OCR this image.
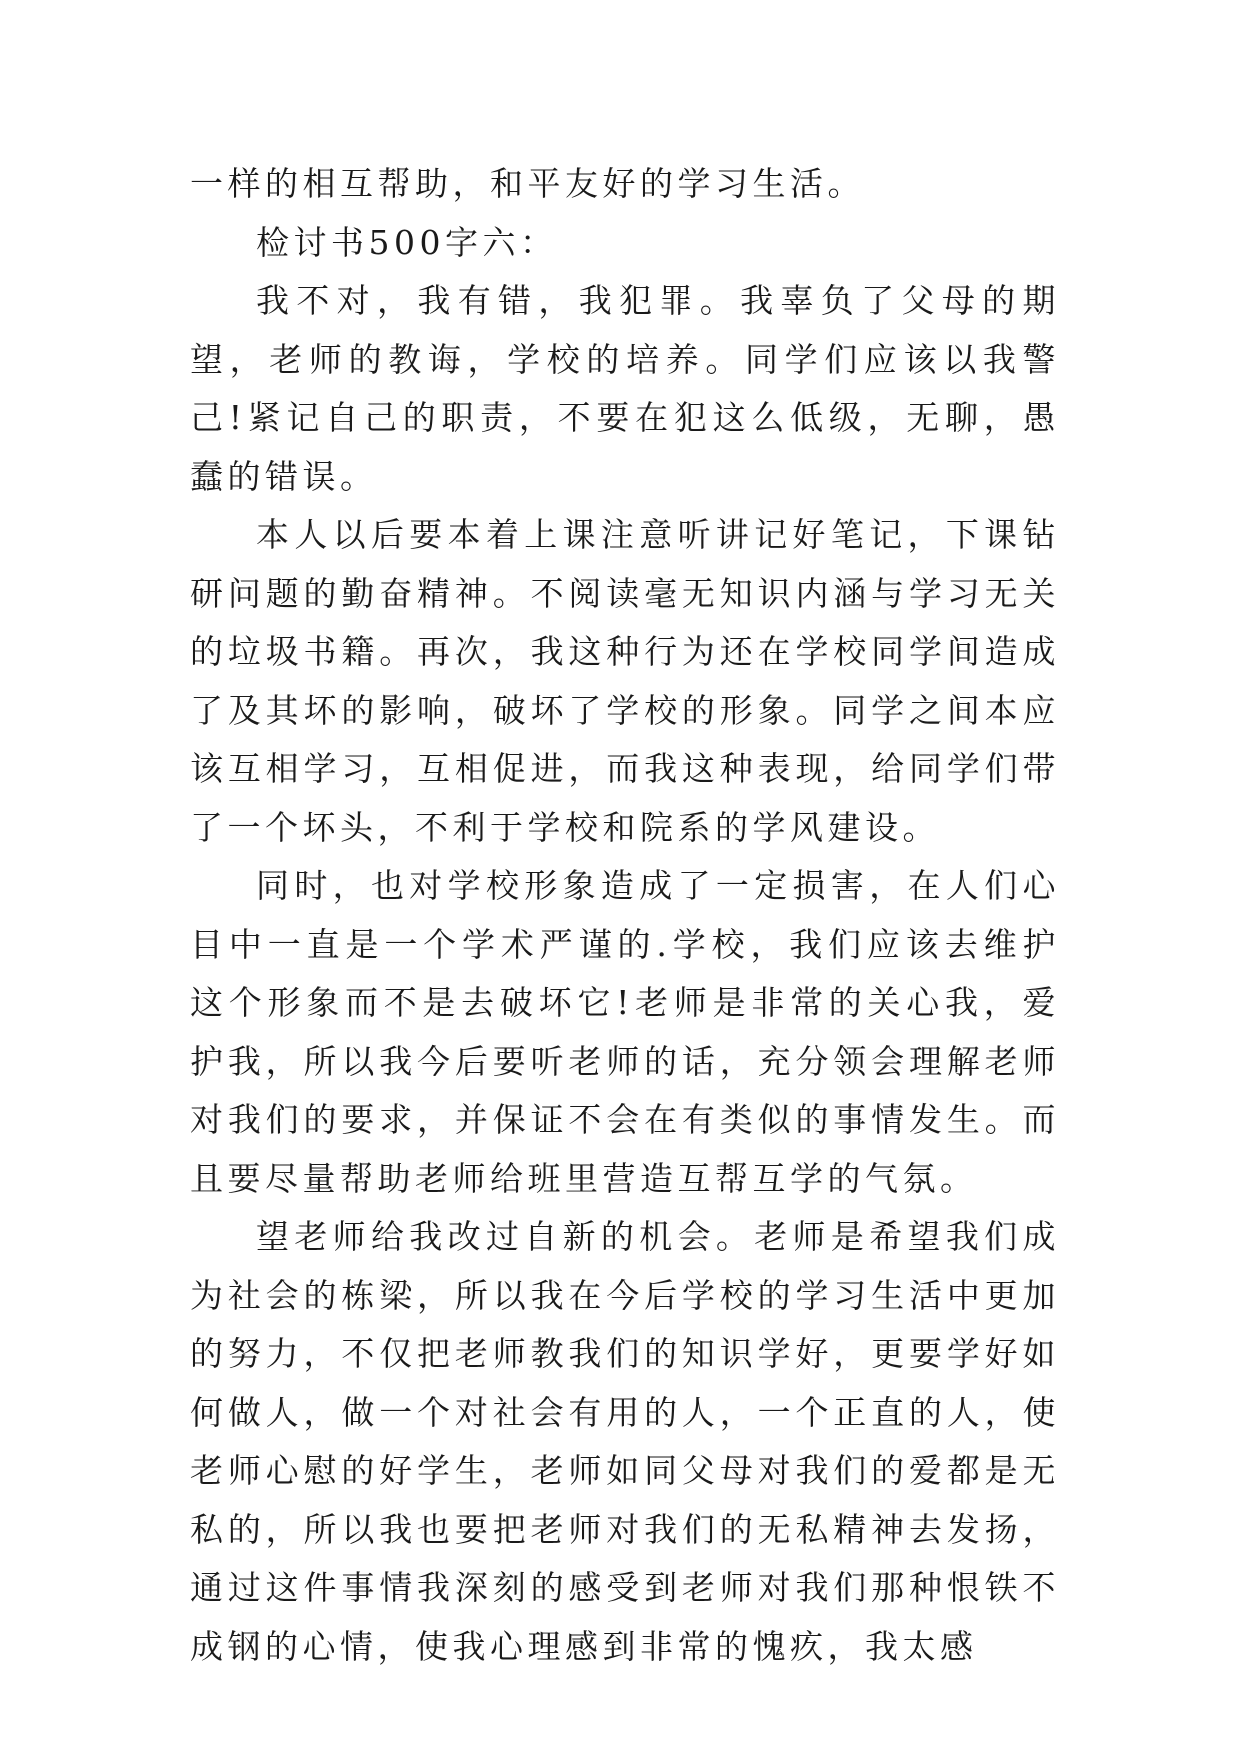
一样的相互帮助，和平友好的学习生活。

检讨书500字六：

我不对，我有错，我犯罪。我辜负了父母的期望，老师的教诲，学校的培养。同学们应该以我警己!紧记自己的职责，不要在犯这么低级，无聊，愚蠢的错误。

本人以后要本着上课注意听讲记好笔记，下课钻研问题的勤奋精神。不阅读毫无知识内涵与学习无关的垃圾书籍。再次，我这种行为还在学校同学间造成了及其坏的影响，破坏了学校的形象。同学之间本应该互相学习，互相促进，而我这种表现，给同学们带了一个坏头，不利于学校和院系的学风建设。

同时，也对学校形象造成了一定损害，在人们心目中一直是一个学术严谨的.学校，我们应该去维护这个形象而不是去破坏它!老师是非常的关心我，爱护我，所以我今后要听老师的话，充分领会理解老师对我们的要求，并保证不会在有类似的事情发生。而且要尽量帮助老师给班里营造互帮互学的气氛。

望老师给我改过自新的机会。老师是希望我们成为社会的栋梁，所以我在今后学校的学习生活中更加的努力，不仅把老师教我们的知识学好，更要学好如何做人，做一个对社会有用的人，一个正直的人，使老师心慰的好学生，老师如同父母对我们的爱都是无私的，所以我也要把老师对我们的无私精神去发扬，通过这件事情我深刻的感受到老师对我们那种恨铁不成钢的心情，使我心理感到非常的愧疚，我太感
